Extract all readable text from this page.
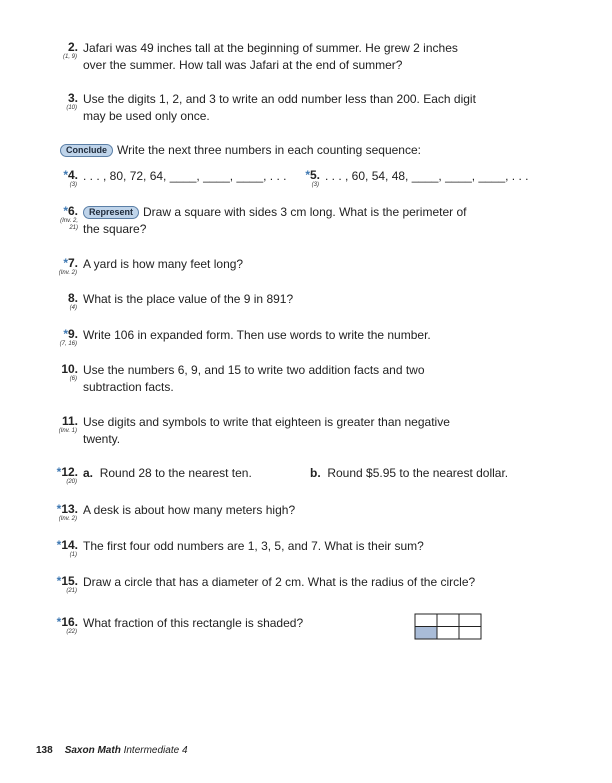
2.
(1, 9)
Jafari was 49 inches tall at the beginning of summer. He grew 2 inches over the summer. How tall was Jafari at the end of summer?
3.
(10)
Use the digits 1, 2, and 3 to write an odd number less than 200. Each digit may be used only once.
Conclude Write the next three numbers in each counting sequence:
*4.
(3)
. . . , 80, 72, 64, ____, ____, ____, . . .	*5.
(3)
. . . , 60, 54, 48, ____, ____, ____, . . .
*6.
(Inv. 2, 21)
Represent Draw a square with sides 3 cm long. What is the perimeter of the square?
*7.
(Inv. 2)
A yard is how many feet long?
8.
(4)
What is the place value of the 9 in 891?
*9.
(7, 16)
Write 106 in expanded form. Then use words to write the number.
10.
(6)
Use the numbers 6, 9, and 15 to write two addition facts and two subtraction facts.
11.
(Inv. 1)
Use digits and symbols to write that eighteen is greater than negative twenty.
*12.
(20)
a. Round 28 to the nearest ten.	b. Round $5.95 to the nearest dollar.
*13.
(Inv. 2)
A desk is about how many meters high?
*14.
(1)
The first four odd numbers are 1, 3, 5, and 7. What is their sum?
*15.
(21)
Draw a circle that has a diameter of 2 cm. What is the radius of the circle?
*16.
(22)
What fraction of this rectangle is shaded?
138 Saxon Math Intermediate 4
